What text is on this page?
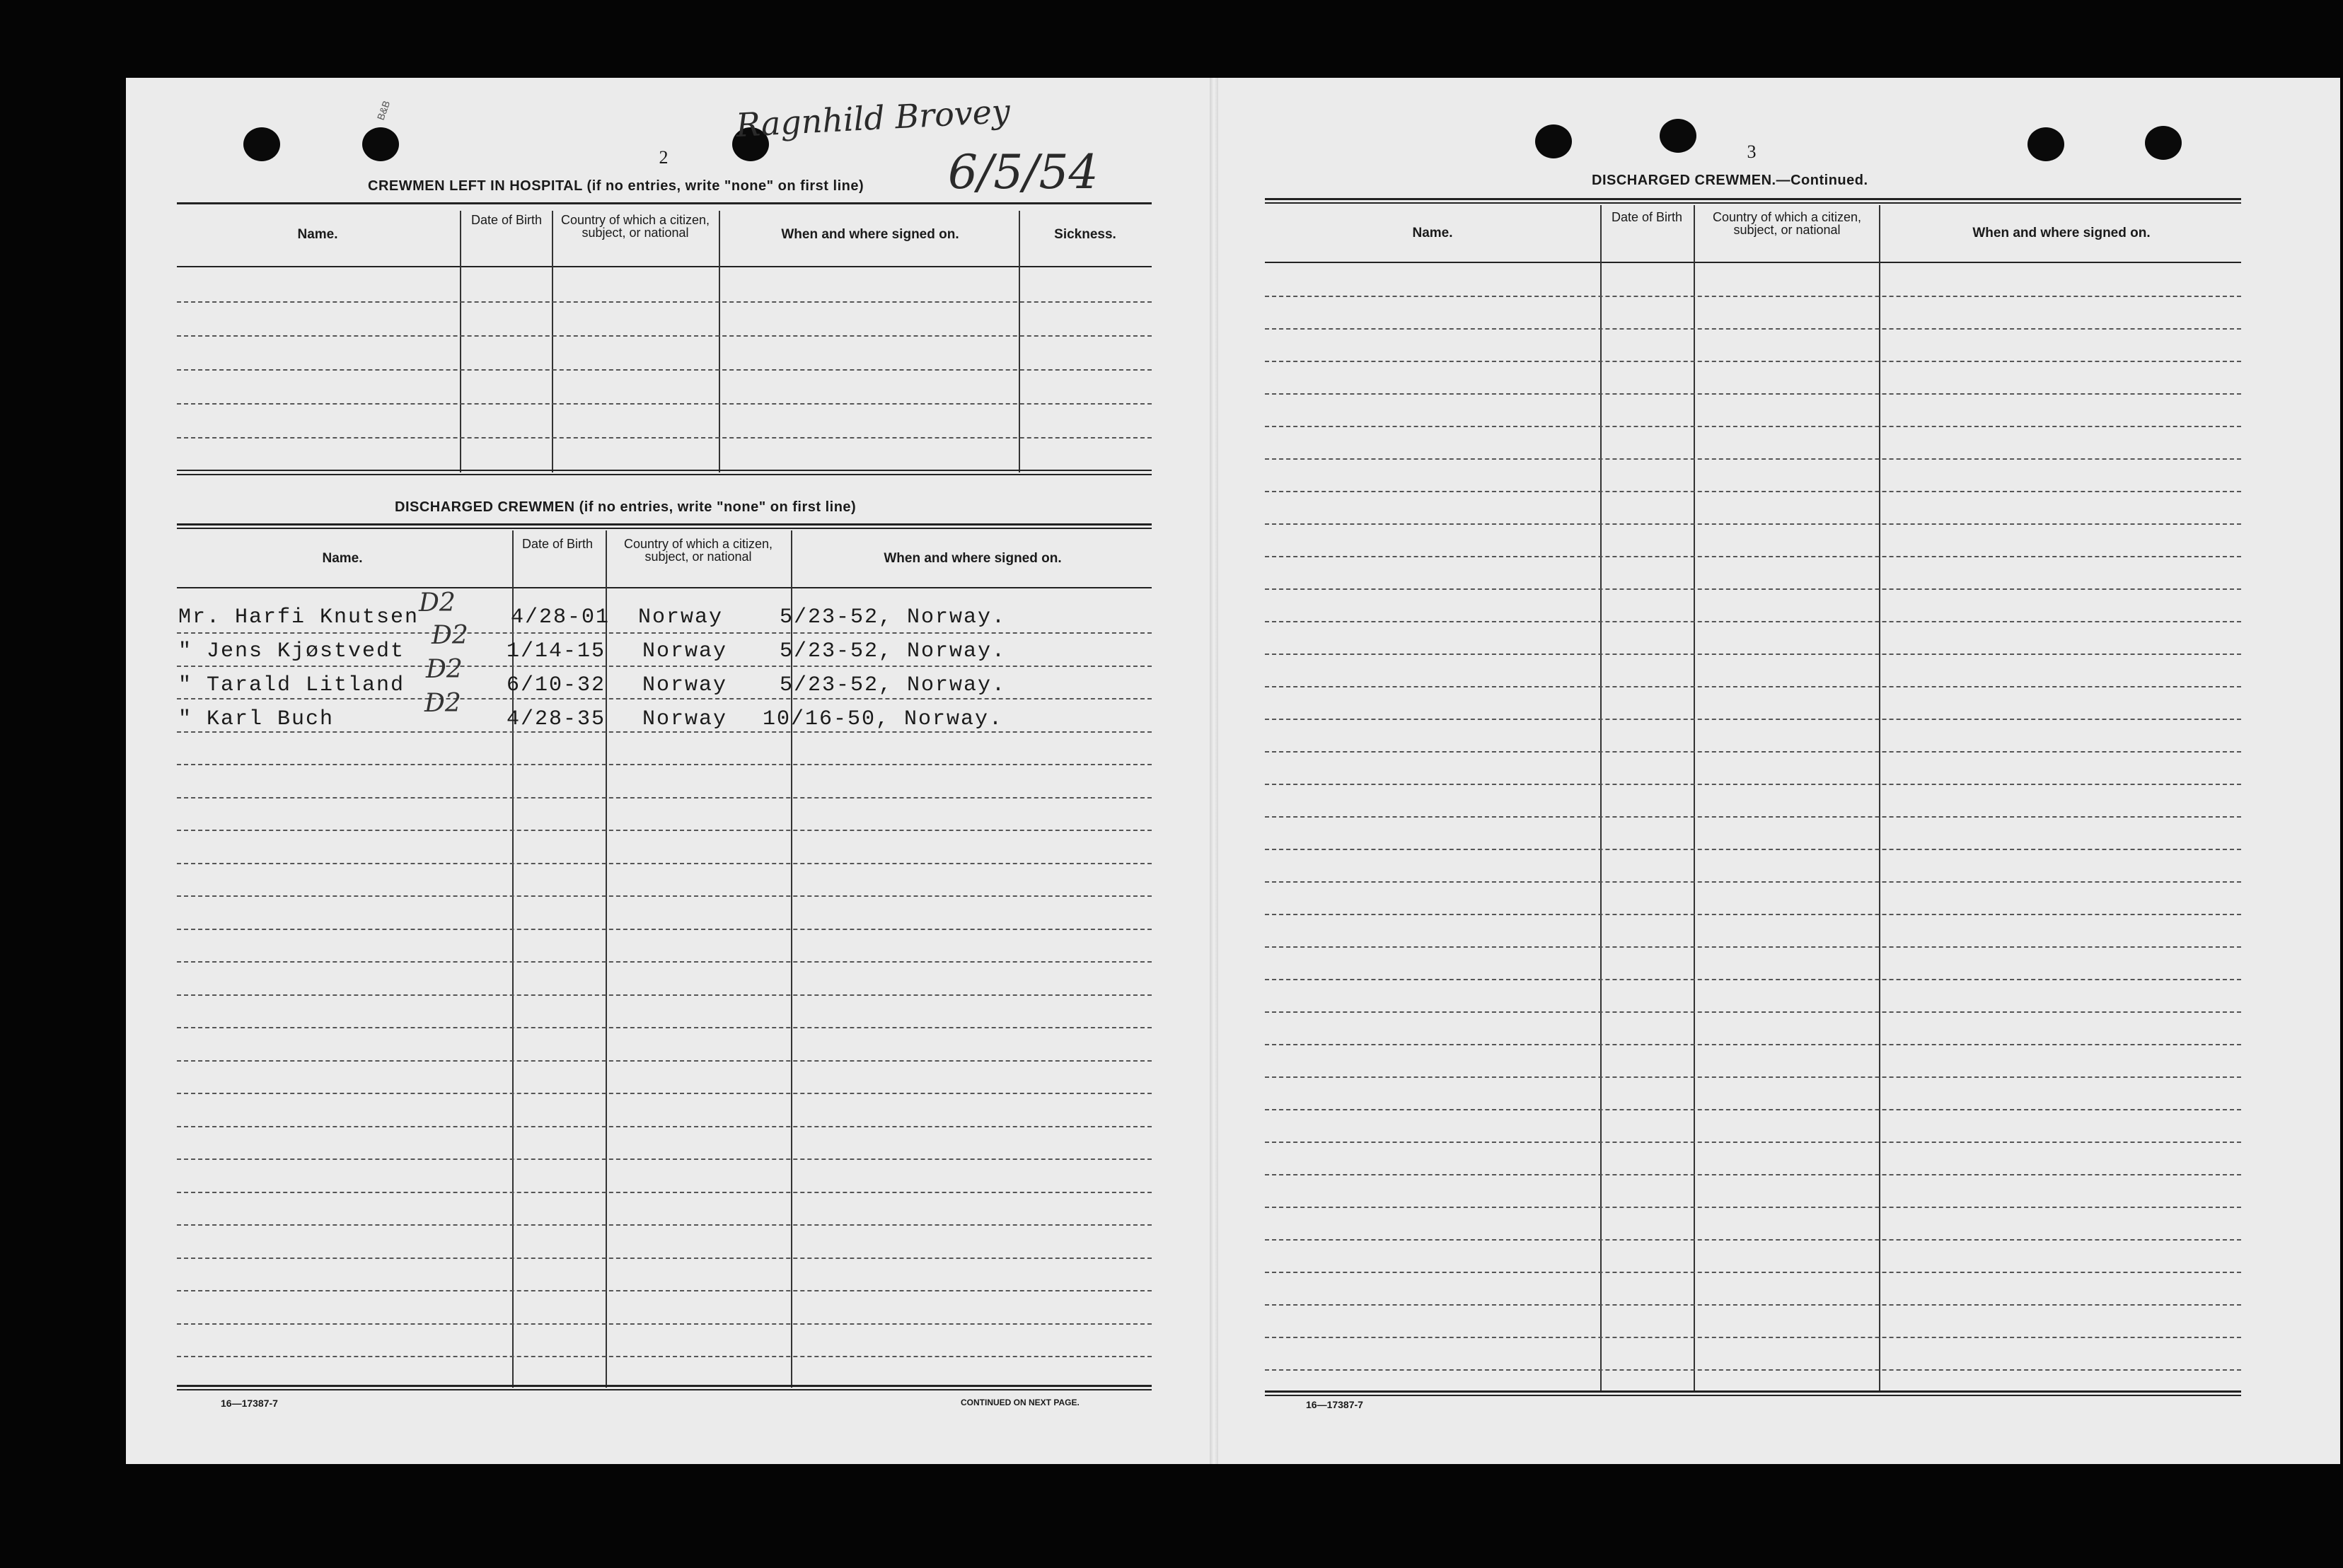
B&B	Ragnhild Brovey
6/5/54
2
CREWMEN LEFT IN HOSPITAL (if no entries, write "none" on first line)
Name.
Date of Birth	Country of which a citizen, subject, or national	When and where signed on.	Sickness.
DISCHARGED CREWMEN (if no entries, write "none" on first line)
Name.
Date of Birth	Country of which a citizen, subject, or national	When and where signed on.
Mr. Harfi Knutsen	4/28-01 Norway	5/23-52, Norway.
D2
" Jens Kjøstvedt	1/14-15 Norway 5/23-52, Norway.
D2
" Tarald Litland	6/10-32 Norway 5/23-52, Norway.
D2
" Karl Buch	4/28-35 Norway 10/16-50, Norway.
D2
16—17387-7	CONTINUED ON NEXT PAGE.
3
DISCHARGED CREWMEN.—Continued.
Name.
Date of Birth	Country of which a citizen, subject, or national	When and where signed on.
16—17387-7
